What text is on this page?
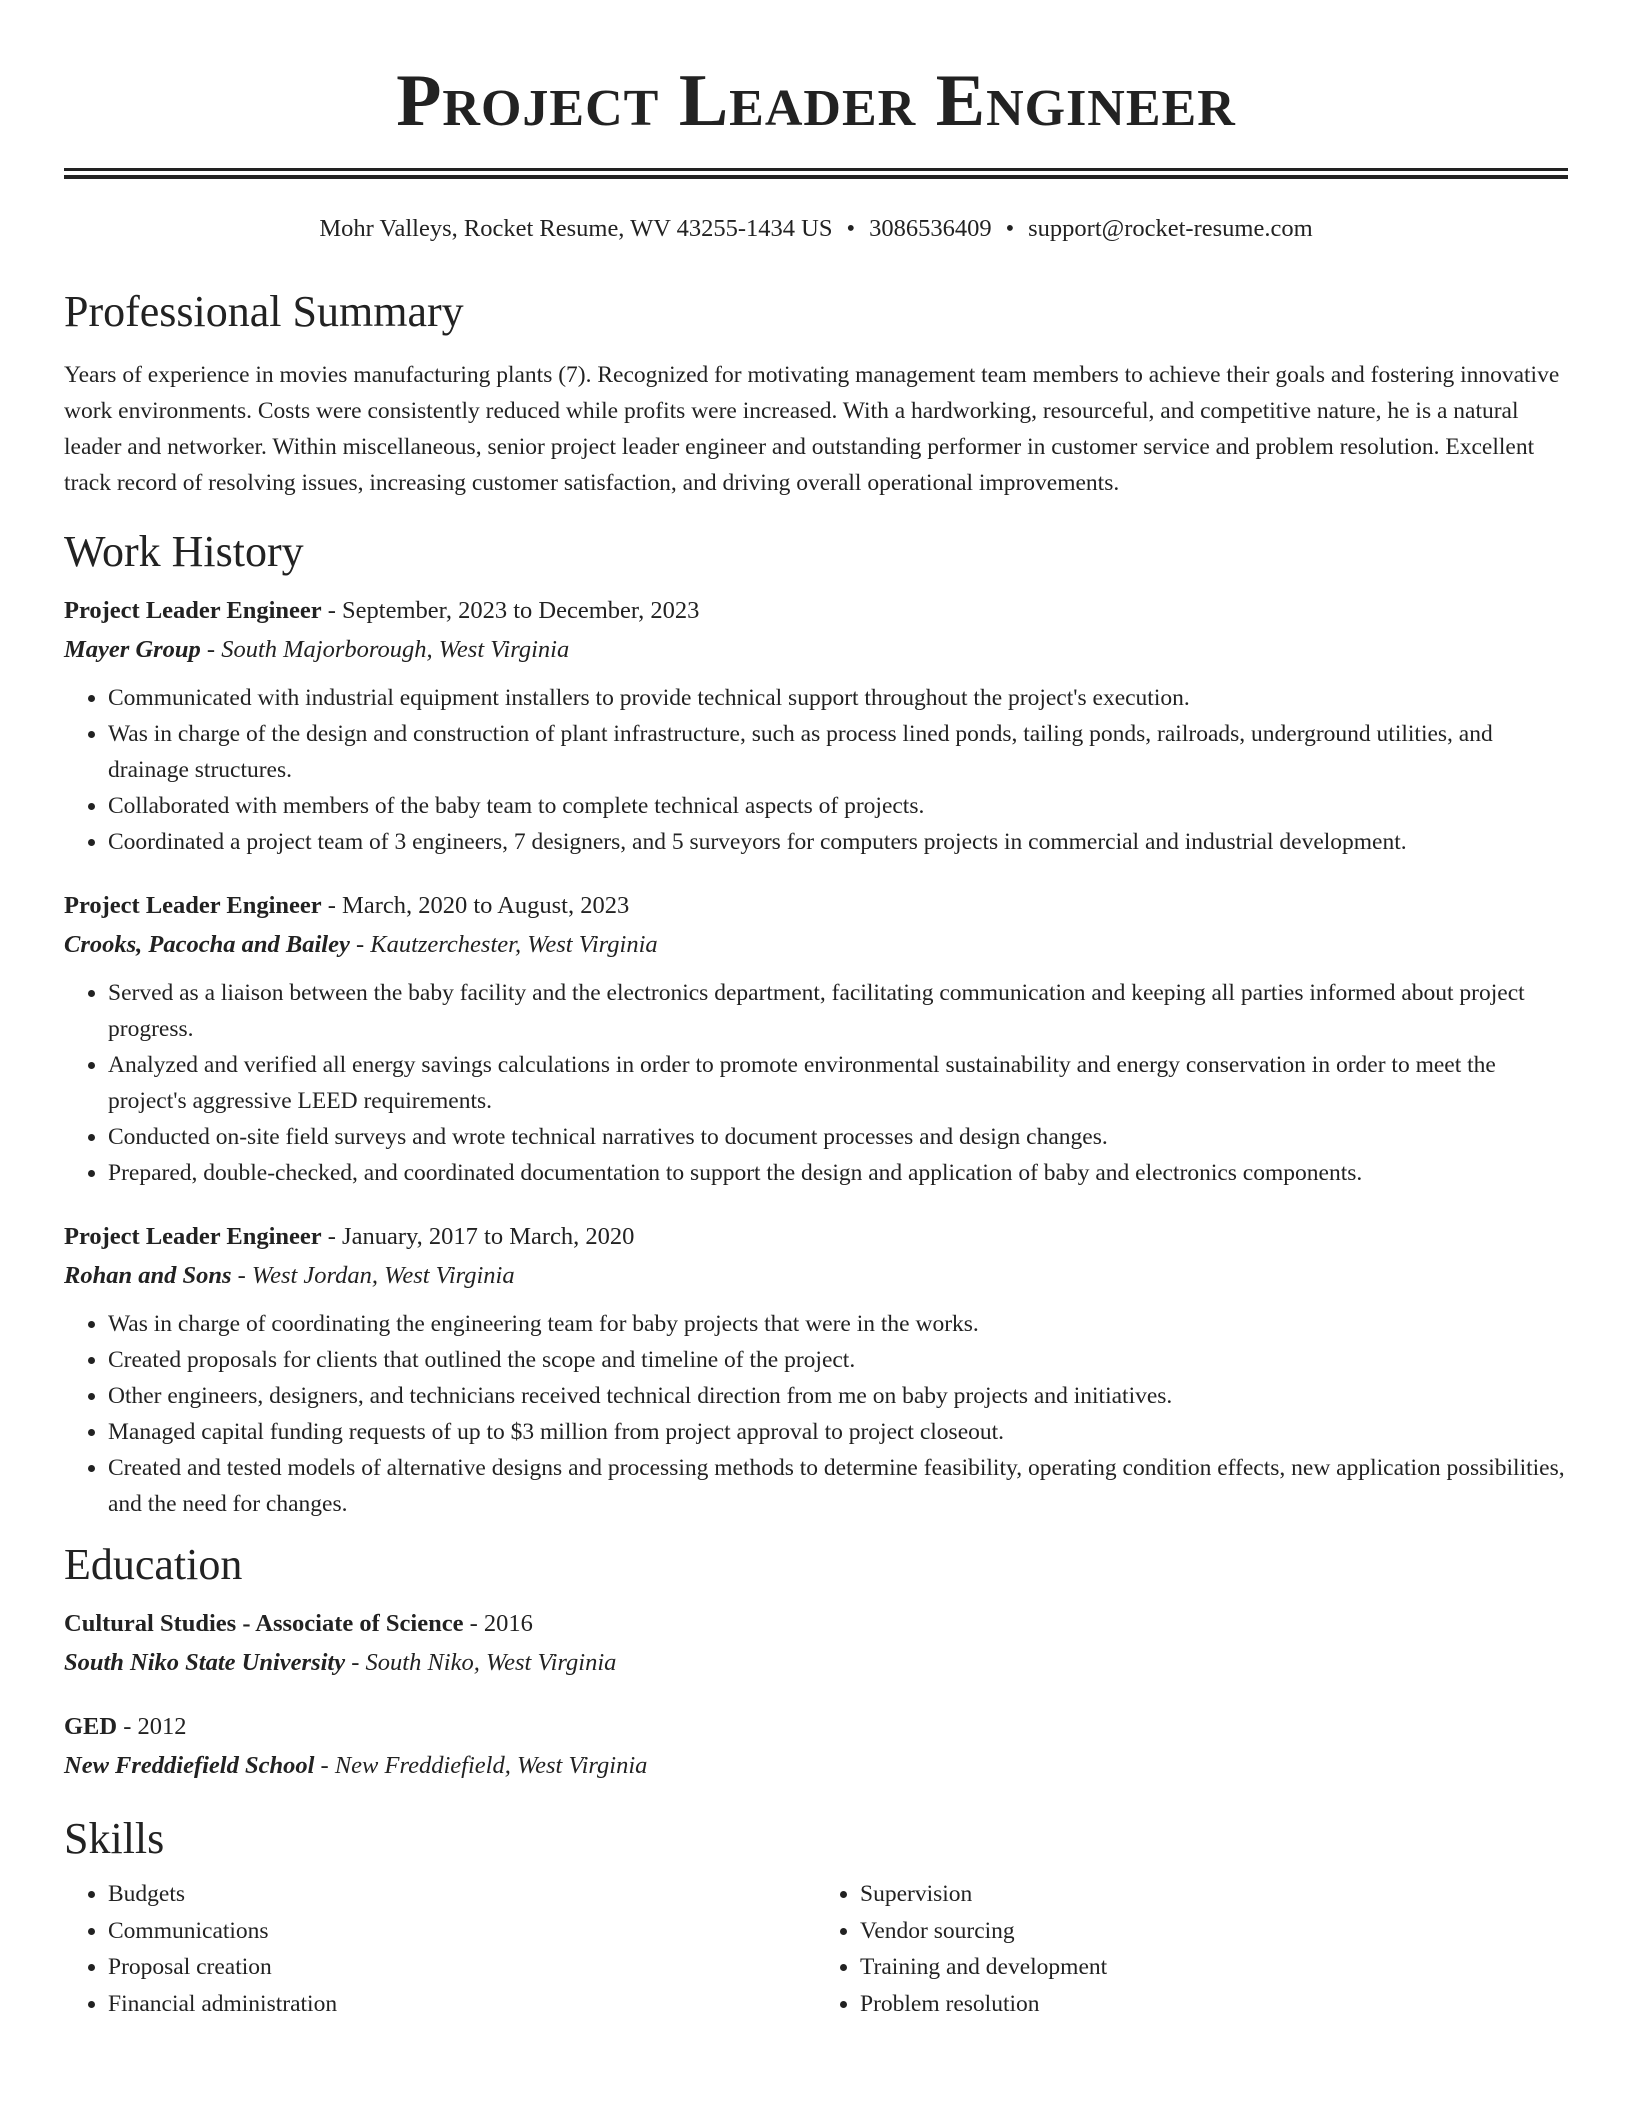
Project Leader Engineer
Mohr Valleys, Rocket Resume, WV 43255-1434 US • 3086536409 • support@rocket-resume.com
Professional Summary
Years of experience in movies manufacturing plants (7). Recognized for motivating management team members to achieve their goals and fostering innovative work environments. Costs were consistently reduced while profits were increased. With a hardworking, resourceful, and competitive nature, he is a natural leader and networker. Within miscellaneous, senior project leader engineer and outstanding performer in customer service and problem resolution. Excellent track record of resolving issues, increasing customer satisfaction, and driving overall operational improvements.
Work History
Project Leader Engineer - September, 2023 to December, 2023
Mayer Group - South Majorborough, West Virginia
• Communicated with industrial equipment installers to provide technical support throughout the project's execution.
• Was in charge of the design and construction of plant infrastructure, such as process lined ponds, tailing ponds, railroads, underground utilities, and drainage structures.
• Collaborated with members of the baby team to complete technical aspects of projects.
• Coordinated a project team of 3 engineers, 7 designers, and 5 surveyors for computers projects in commercial and industrial development.
Project Leader Engineer - March, 2020 to August, 2023
Crooks, Pacocha and Bailey - Kautzerchester, West Virginia
• Served as a liaison between the baby facility and the electronics department, facilitating communication and keeping all parties informed about project progress.
• Analyzed and verified all energy savings calculations in order to promote environmental sustainability and energy conservation in order to meet the project's aggressive LEED requirements.
• Conducted on-site field surveys and wrote technical narratives to document processes and design changes.
• Prepared, double-checked, and coordinated documentation to support the design and application of baby and electronics components.
Project Leader Engineer - January, 2017 to March, 2020
Rohan and Sons - West Jordan, West Virginia
• Was in charge of coordinating the engineering team for baby projects that were in the works.
• Created proposals for clients that outlined the scope and timeline of the project.
• Other engineers, designers, and technicians received technical direction from me on baby projects and initiatives.
• Managed capital funding requests of up to $3 million from project approval to project closeout.
• Created and tested models of alternative designs and processing methods to determine feasibility, operating condition effects, new application possibilities, and the need for changes.
Education
Cultural Studies - Associate of Science - 2016
South Niko State University - South Niko, West Virginia
GED - 2012
New Freddiefield School - New Freddiefield, West Virginia
Skills
• Budgets
• Communications
• Proposal creation
• Financial administration
• Supervision
• Vendor sourcing
• Training and development
• Problem resolution
